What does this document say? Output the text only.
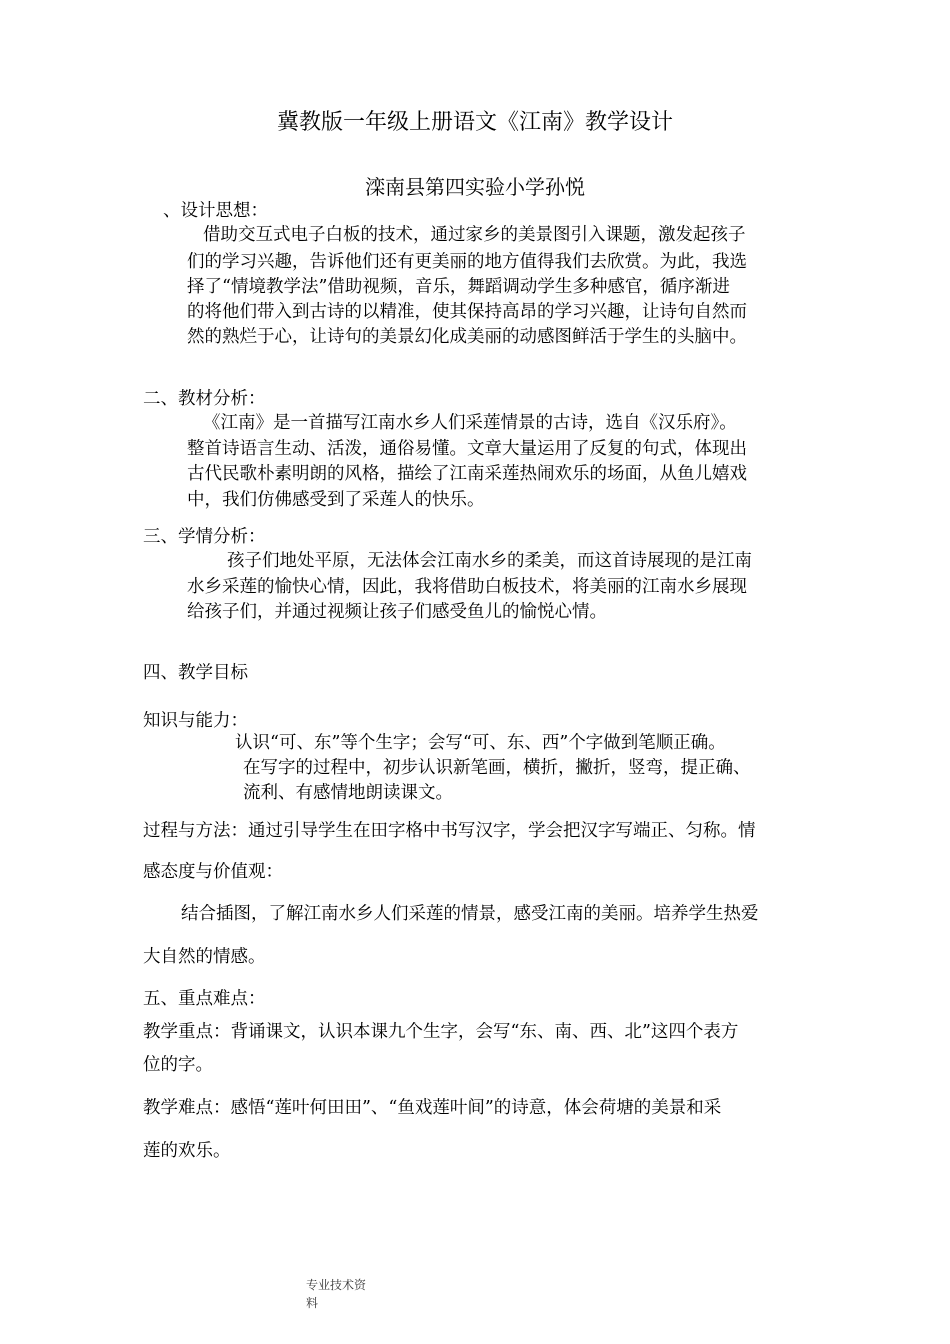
冀教版一年级上册语文《江南》教学设计
滦南县第四实验小学孙悦
、设计思想：
借助交互式电子白板的技术，通过家乡的美景图引入课题，激发起孩子
们的学习兴趣，告诉他们还有更美丽的地方值得我们去欣赏。为此，我选
择了“情境教学法”借助视频，音乐，舞蹈调动学生多种感官，循序渐进
的将他们带入到古诗的以精准，使其保持高昂的学习兴趣，让诗句自然而
然的熟烂于心，让诗句的美景幻化成美丽的动感图鲜活于学生的头脑中。
二、教材分析：
《江南》是一首描写江南水乡人们采莲情景的古诗，选自《汉乐府》。
整首诗语言生动、活泼，通俗易懂。文章大量运用了反复的句式，体现出
古代民歌朴素明朗的风格，描绘了江南采莲热闹欢乐的场面，从鱼儿嬉戏
中，我们仿佛感受到了采莲人的快乐。
三、学情分析：
孩子们地处平原，无法体会江南水乡的柔美，而这首诗展现的是江南
水乡采莲的愉快心情，因此，我将借助白板技术，将美丽的江南水乡展现
给孩子们，并通过视频让孩子们感受鱼儿的愉悦心情。
四、教学目标
知识与能力：
认识“可、东”等个生字；会写“可、东、西”个字做到笔顺正确。
在写字的过程中，初步认识新笔画，横折，撇折，竖弯，提正确、
流利、有感情地朗读课文。
过程与方法：通过引导学生在田字格中书写汉字，学会把汉字写端正、匀称。情
感态度与价值观：
结合插图，了解江南水乡人们采莲的情景，感受江南的美丽。培养学生热爱
大自然的情感。
五、重点难点：
教学重点：背诵课文，认识本课九个生字，会写“东、南、西、北”这四个表方
位的字。
教学难点：感悟“莲叶何田田”、“鱼戏莲叶间”的诗意，体会荷塘的美景和采
莲的欢乐。
专业技术资
料
